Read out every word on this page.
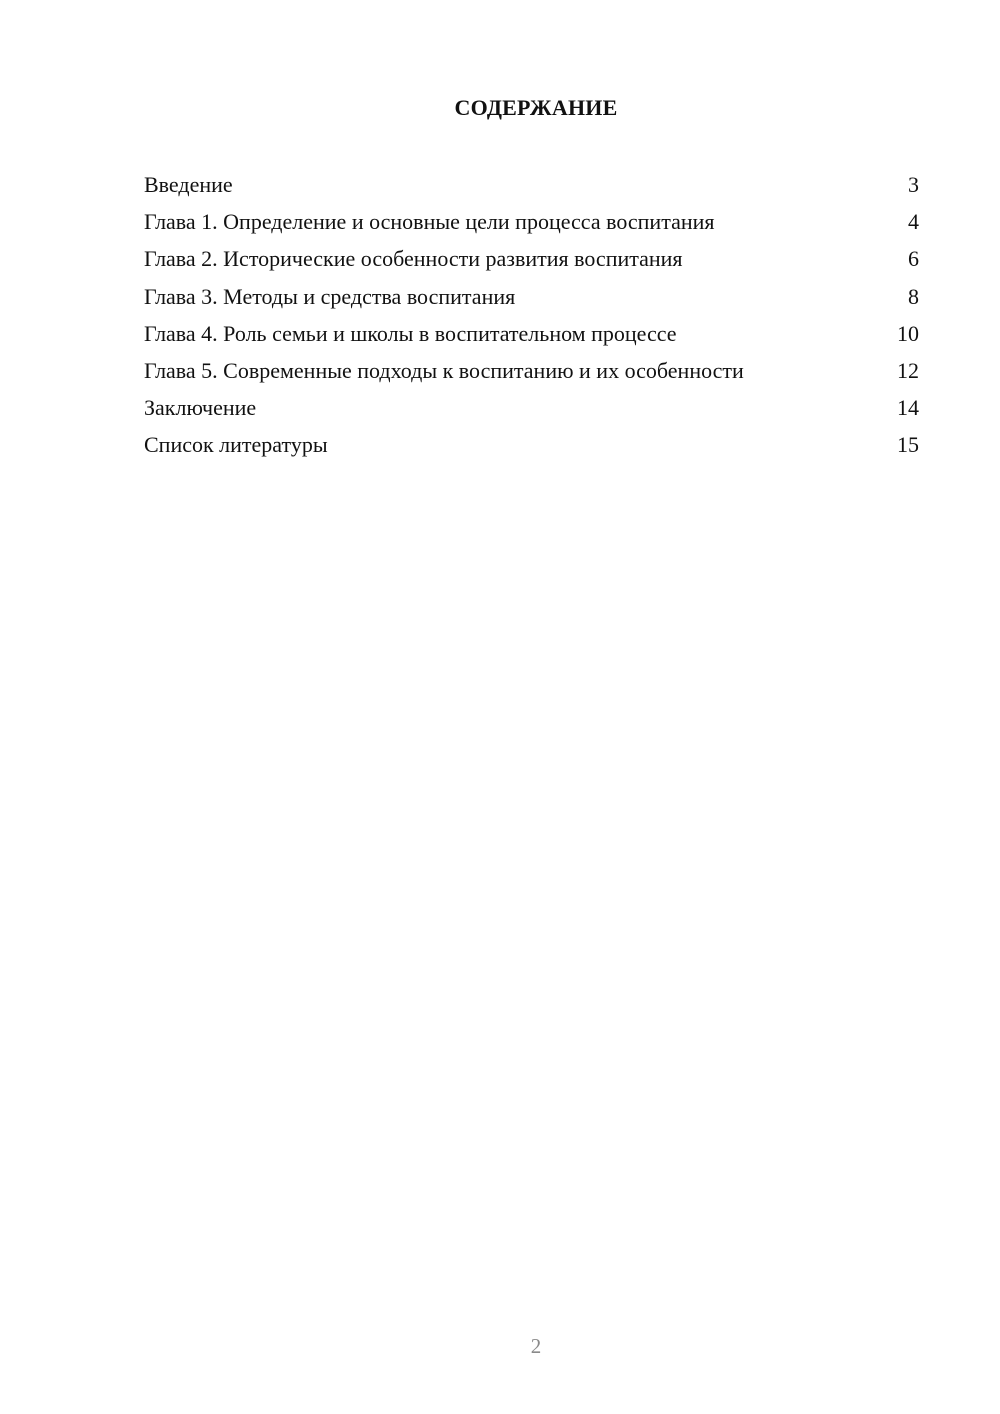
СОДЕРЖАНИЕ
Введение	3
Глава 1. Определение и основные цели процесса воспитания	4
Глава 2. Исторические особенности развития воспитания	6
Глава 3. Методы и средства воспитания	8
Глава 4. Роль семьи и школы в воспитательном процессе	10
Глава 5. Современные подходы к воспитанию и их особенности	12
Заключение	14
Список литературы	15
2
